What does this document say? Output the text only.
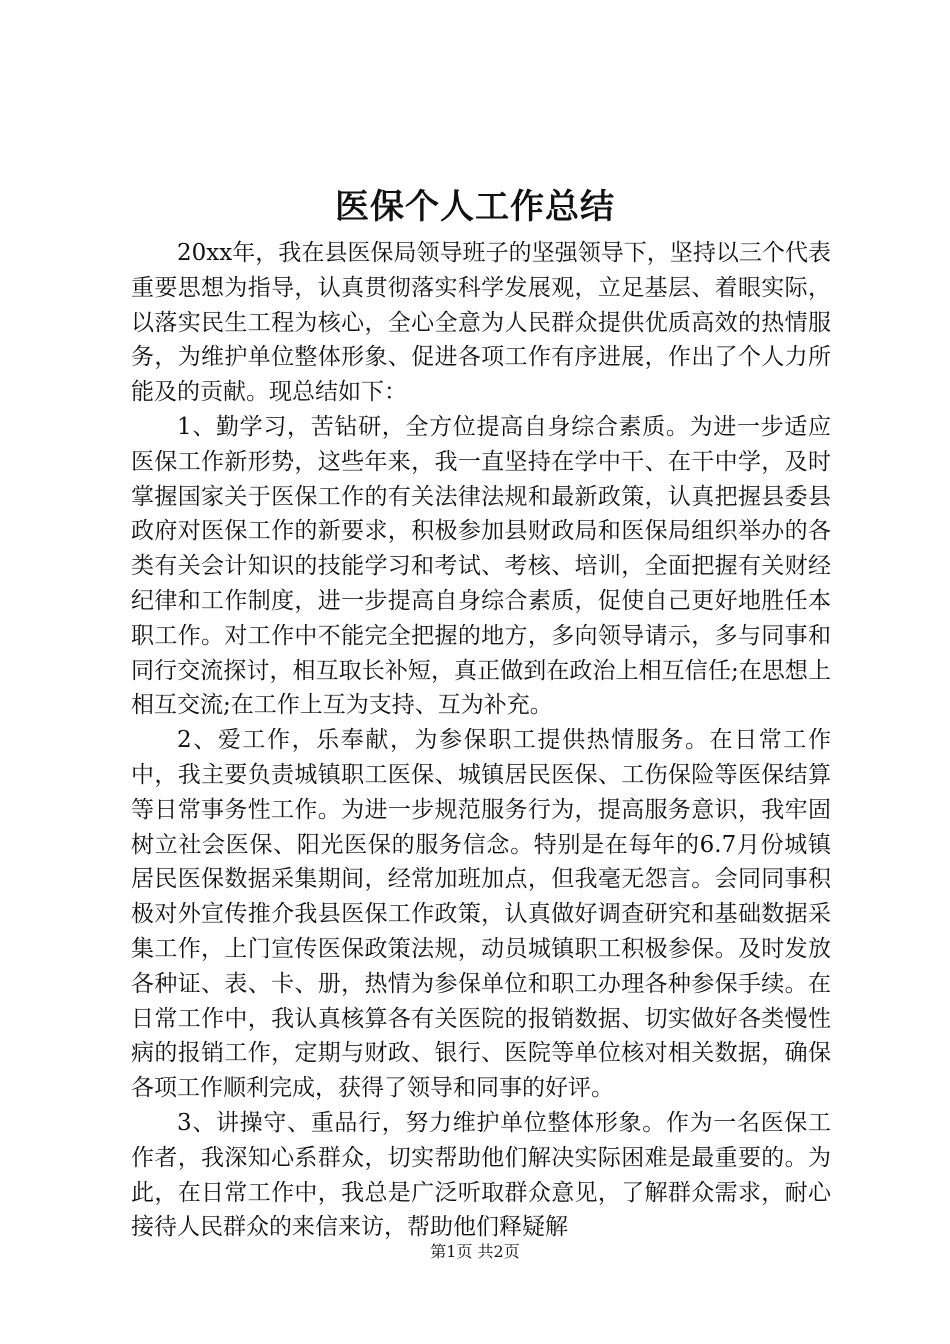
医保个人工作总结

20xx年，我在县医保局领导班子的坚强领导下，坚持以三个代表重要思想为指导，认真贯彻落实科学发展观，立足基层、着眼实际，以落实民生工程为核心，全心全意为人民群众提供优质高效的热情服务，为维护单位整体形象、促进各项工作有序进展，作出了个人力所能及的贡献。现总结如下：

1、勤学习，苦钻研，全方位提高自身综合素质。为进一步适应医保工作新形势，这些年来，我一直坚持在学中干、在干中学，及时掌握国家关于医保工作的有关法律法规和最新政策，认真把握县委县政府对医保工作的新要求，积极参加县财政局和医保局组织举办的各类有关会计知识的技能学习和考试、考核、培训，全面把握有关财经纪律和工作制度，进一步提高自身综合素质，促使自己更好地胜任本职工作。对工作中不能完全把握的地方，多向领导请示，多与同事和同行交流探讨，相互取长补短，真正做到在政治上相互信任;在思想上相互交流;在工作上互为支持、互为补充。

2、爱工作，乐奉献，为参保职工提供热情服务。在日常工作中，我主要负责城镇职工医保、城镇居民医保、工伤保险等医保结算等日常事务性工作。为进一步规范服务行为，提高服务意识，我牢固树立社会医保、阳光医保的服务信念。特别是在每年的6.7月份城镇居民医保数据采集期间，经常加班加点，但我毫无怨言。会同同事积极对外宣传推介我县医保工作政策，认真做好调查研究和基础数据采集工作，上门宣传医保政策法规，动员城镇职工积极参保。及时发放各种证、表、卡、册，热情为参保单位和职工办理各种参保手续。在日常工作中，我认真核算各有关医院的报销数据、切实做好各类慢性病的报销工作，定期与财政、银行、医院等单位核对相关数据，确保各项工作顺利完成，获得了领导和同事的好评。

3、讲操守、重品行，努力维护单位整体形象。作为一名医保工作者，我深知心系群众，切实帮助他们解决实际困难是最重要的。为此，在日常工作中，我总是广泛听取群众意见，了解群众需求，耐心接待人民群众的来信来访，帮助他们释疑解

第1页 共2页
